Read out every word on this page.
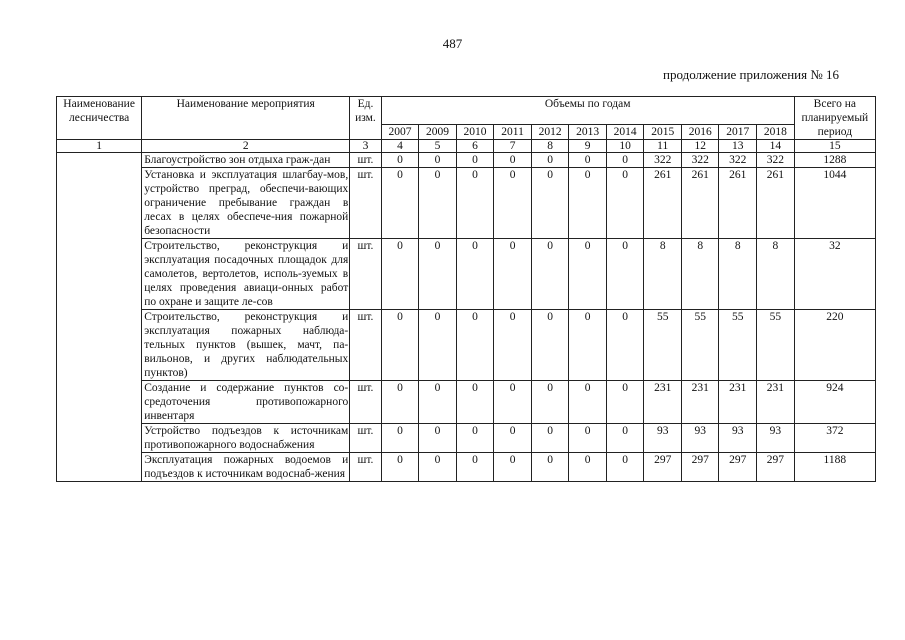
487
продолжение приложения № 16
Наименование лесничества	Наименование мероприятия	Ед. изм.	Объемы по годам											Всего на планируемый период
			2007	2009	2010	2011	2012	2013	2014	2015	2016	2017	2018	
1	2	3	4	5	6	7	8	9	10	11	12	13	14	15
	Благоустройство зон отдыха граж-дан	шт.	0	0	0	0	0	0	0	322	322	322	322	1288
	Установка и эксплуатация шлагбау-мов, устройство преград, обеспечи-вающих ограничение пребывание граждан в лесах в целях обеспече-ния пожарной безопасности	шт.	0	0	0	0	0	0	0	261	261	261	261	1044
	Строительство, реконструкция и эксплуатация посадочных площадок для самолетов, вертолетов, исполь-зуемых в целях проведения авиаци-онных работ по охране и защите ле-сов	шт.	0	0	0	0	0	0	0	8	8	8	8	32
	Строительство, реконструкция и эксплуатация пожарных наблюда-тельных пунктов (вышек, мачт, па-вильонов, и других наблюдательных пунктов)	шт.	0	0	0	0	0	0	0	55	55	55	55	220
	Создание и содержание пунктов со-средоточения противопожарного инвентаря	шт.	0	0	0	0	0	0	0	231	231	231	231	924
	Устройство подъездов к источникам противопожарного водоснабжения	шт.	0	0	0	0	0	0	0	93	93	93	93	372
	Эксплуатация пожарных водоемов и подъездов к источникам водоснаб-жения	шт.	0	0	0	0	0	0	0	297	297	297	297	1188
